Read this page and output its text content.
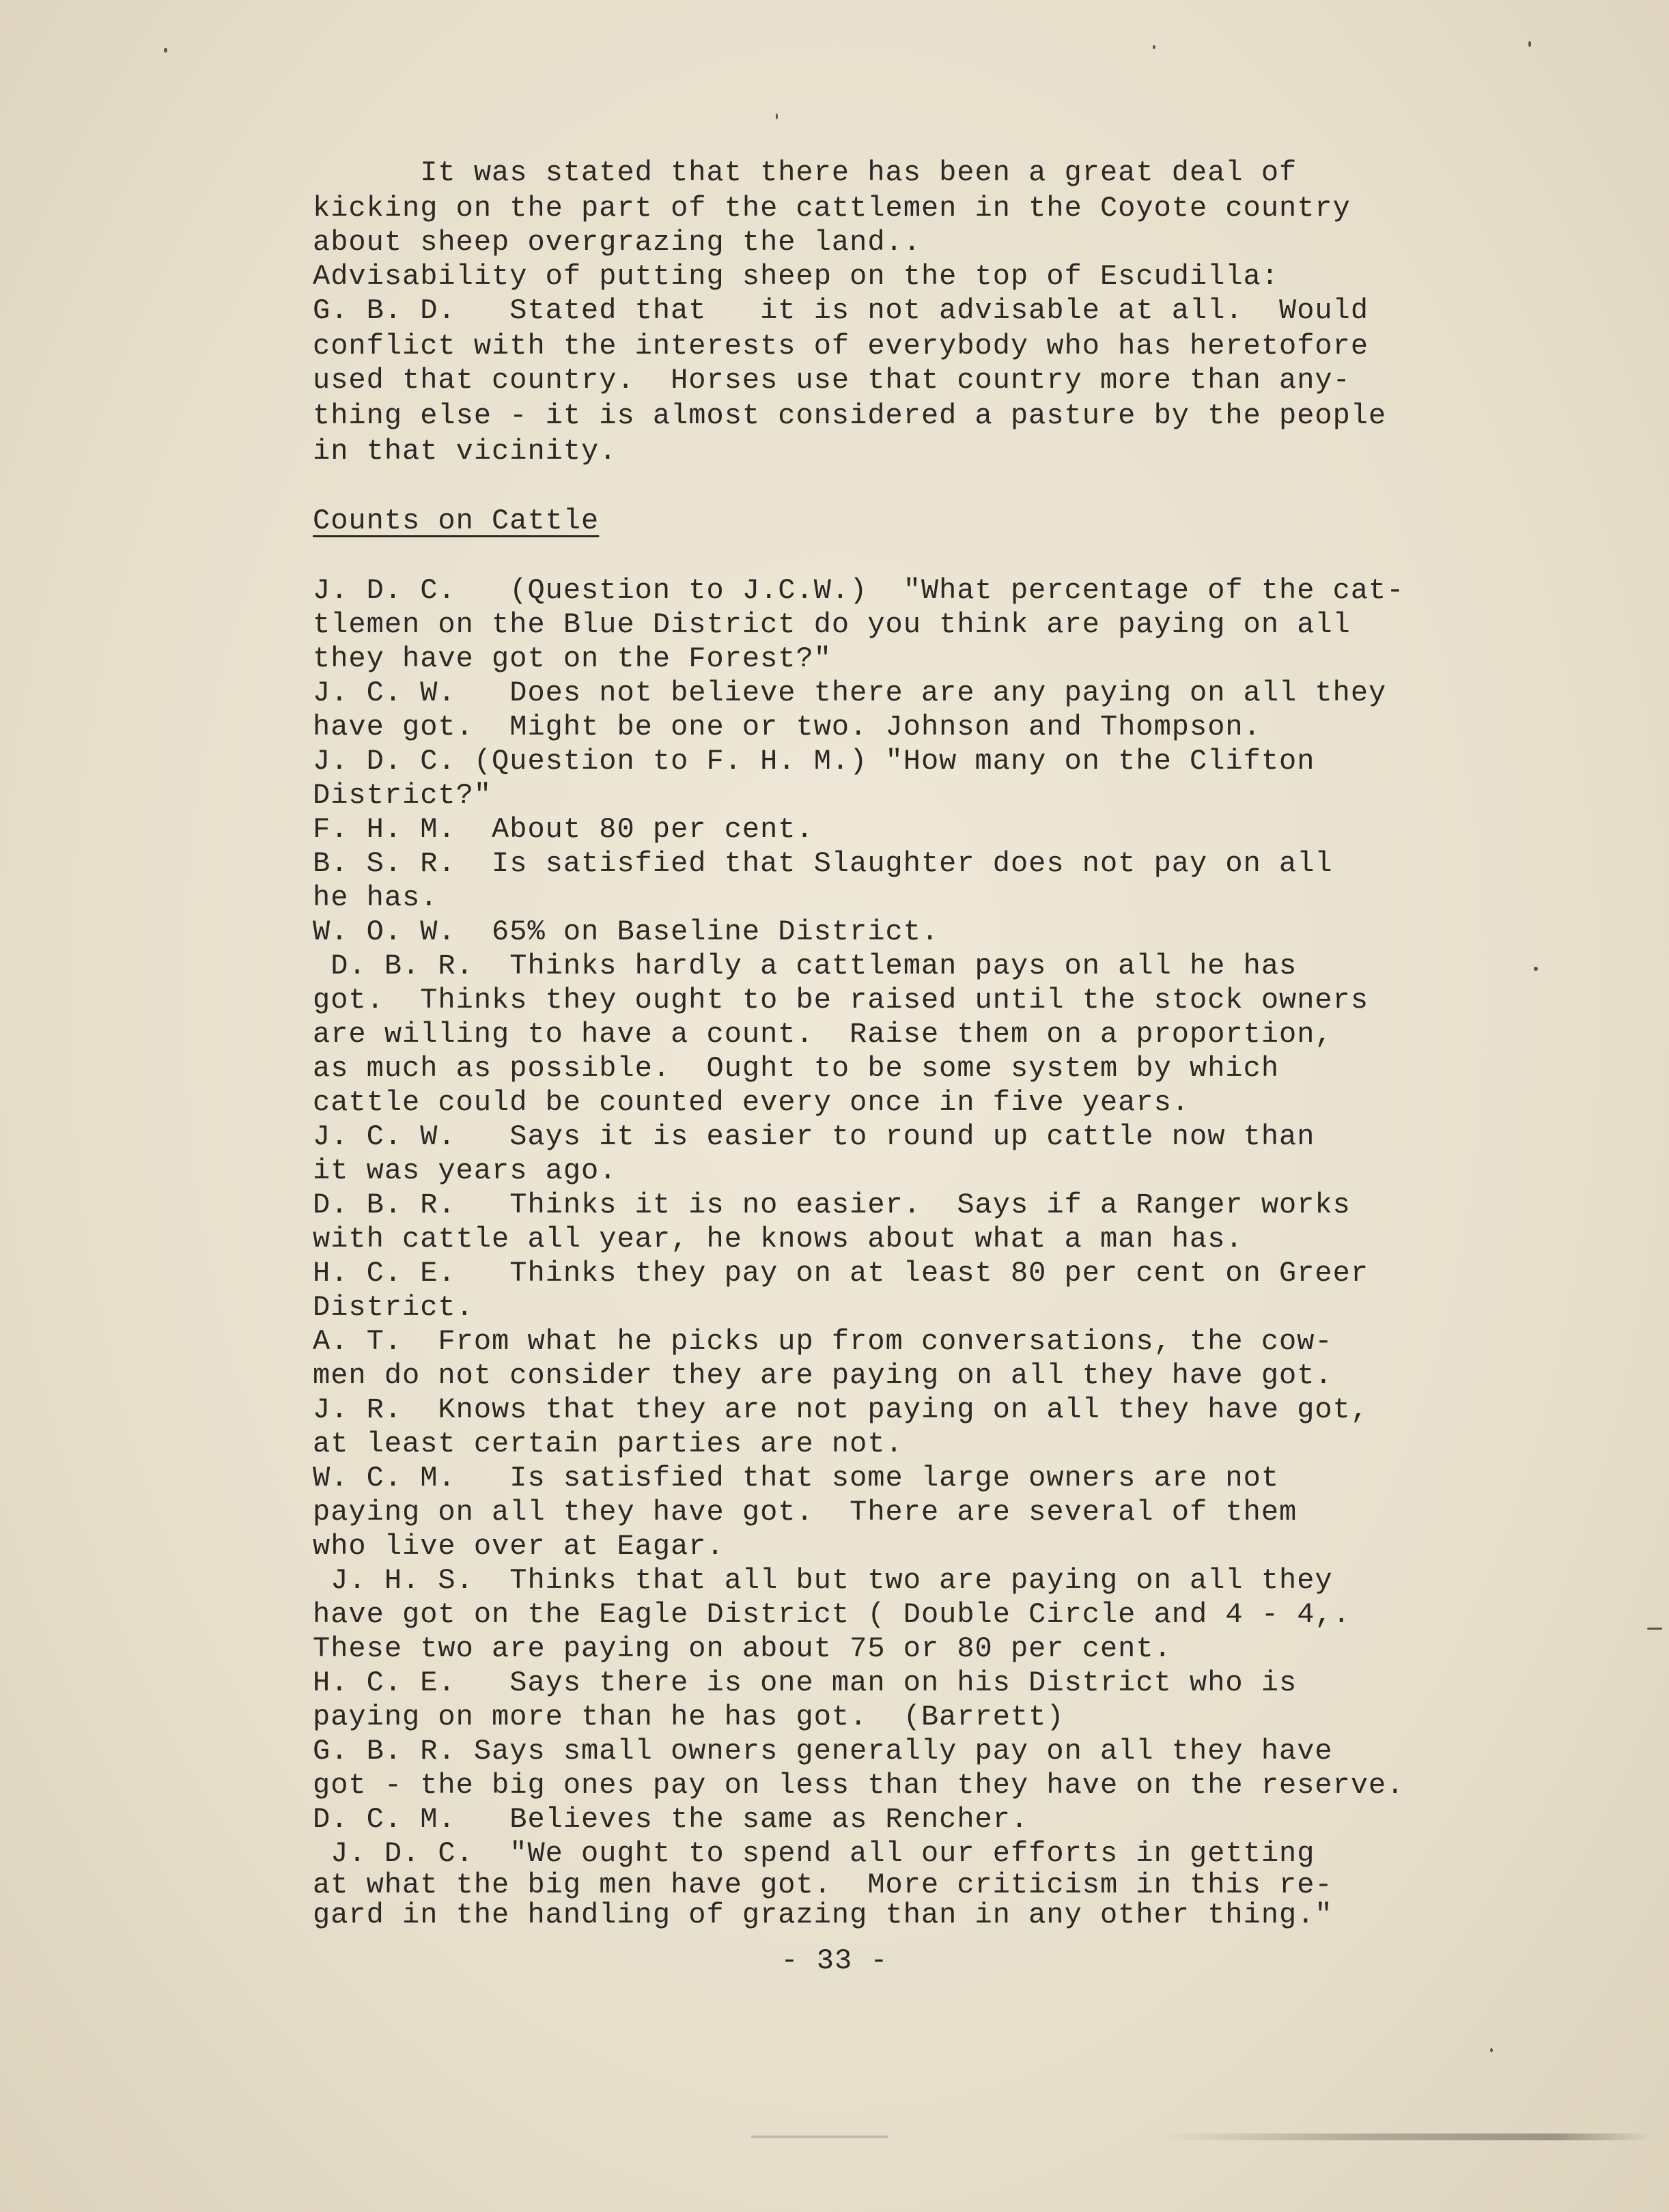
It was stated that there has been a great deal of
kicking on the part of the cattlemen in the Coyote country
about sheep overgrazing the land..
Advisability of putting sheep on the top of Escudilla:
G. B. D.   Stated that   it is not advisable at all.  Would
conflict with the interests of everybody who has heretofore
used that country.  Horses use that country more than any-
thing else - it is almost considered a pasture by the people
in that vicinity.
Counts on Cattle
J. D. C.   (Question to J.C.W.)  "What percentage of the cat-
tlemen on the Blue District do you think are paying on all
they have got on the Forest?"
J. C. W.   Does not believe there are any paying on all they
have got.  Might be one or two. Johnson and Thompson.
J. D. C. (Question to F. H. M.) "How many on the Clifton
District?"
F. H. M.  About 80 per cent.
B. S. R.  Is satisfied that Slaughter does not pay on all
he has.
W. O. W.  65% on Baseline District.
D. B. R.  Thinks hardly a cattleman pays on all he has
got.  Thinks they ought to be raised until the stock owners
are willing to have a count.  Raise them on a proportion,
as much as possible.  Ought to be some system by which
cattle could be counted every once in five years.
J. C. W.   Says it is easier to round up cattle now than
it was years ago.
D. B. R.   Thinks it is no easier.  Says if a Ranger works
with cattle all year, he knows about what a man has.
H. C. E.   Thinks they pay on at least 80 per cent on Greer
District.
A. T.  From what he picks up from conversations, the cow-
men do not consider they are paying on all they have got.
J. R.  Knows that they are not paying on all they have got,
at least certain parties are not.
W. C. M.   Is satisfied that some large owners are not
paying on all they have got.  There are several of them
who live over at Eagar.
J. H. S.  Thinks that all but two are paying on all they
have got on the Eagle District ( Double Circle and 4 - 4,.
These two are paying on about 75 or 80 per cent.
H. C. E.   Says there is one man on his District who is
paying on more than he has got.  (Barrett)
G. B. R. Says small owners generally pay on all they have
got - the big ones pay on less than they have on the reserve.
D. C. M.   Believes the same as Rencher.
J. D. C.  "We ought to spend all our efforts in getting
at what the big men have got.  More criticism in this re-
gard in the handling of grazing than in any other thing."
- 33 -
